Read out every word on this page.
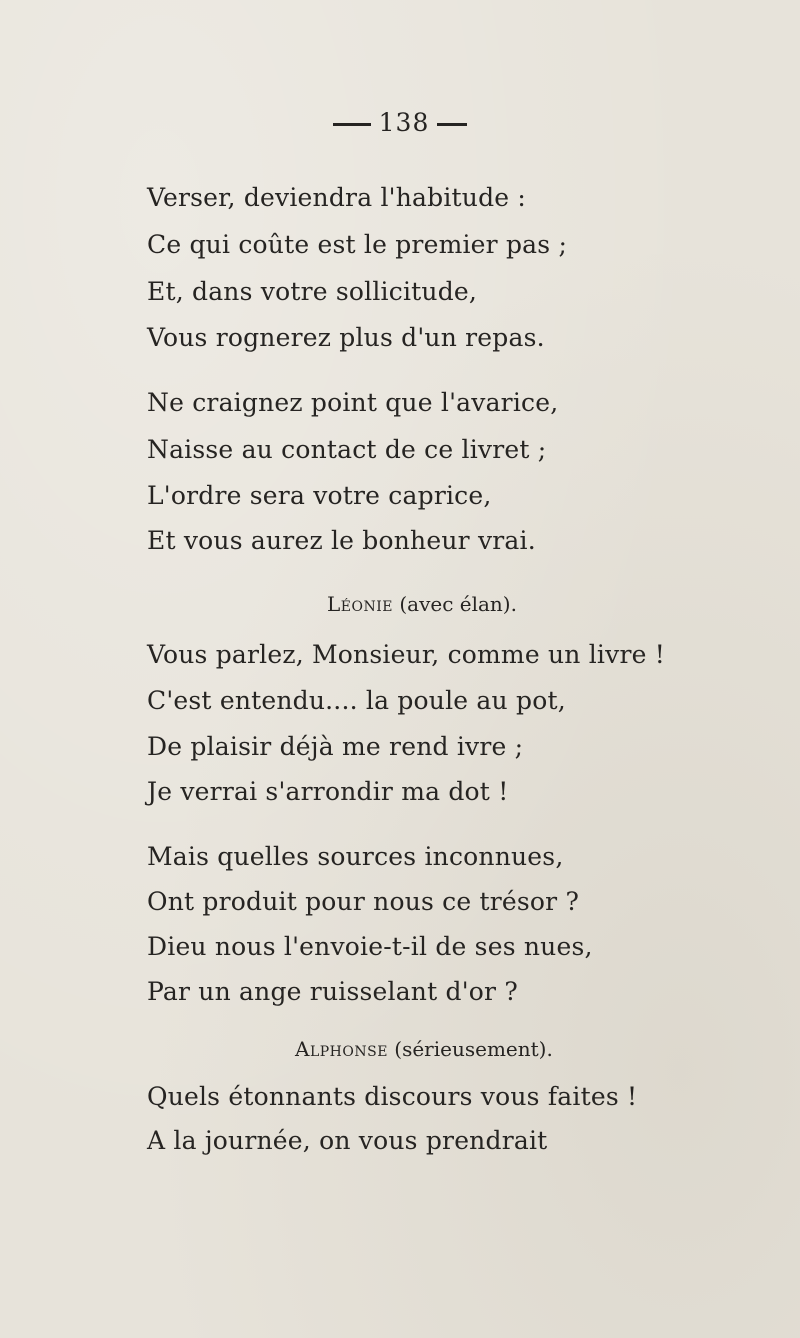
138
Verser, deviendra l'habitude :
Ce qui coûte est le premier pas ;
Et, dans votre sollicitude,
Vous rognerez plus d'un repas.
Ne craignez point que l'avarice,
Naisse au contact de ce livret ;
L'ordre sera votre caprice,
Et vous aurez le bonheur vrai.
Léonie (avec élan).
Vous parlez, Monsieur, comme un livre !
C'est entendu.... la poule au pot,
De plaisir déjà me rend ivre ;
Je verrai s'arrondir ma dot !
Mais quelles sources inconnues,
Ont produit pour nous ce trésor ?
Dieu nous l'envoie-t-il de ses nues,
Par un ange ruisselant d'or ?
Alphonse (sérieusement).
Quels étonnants discours vous faites !
A la journée, on vous prendrait
